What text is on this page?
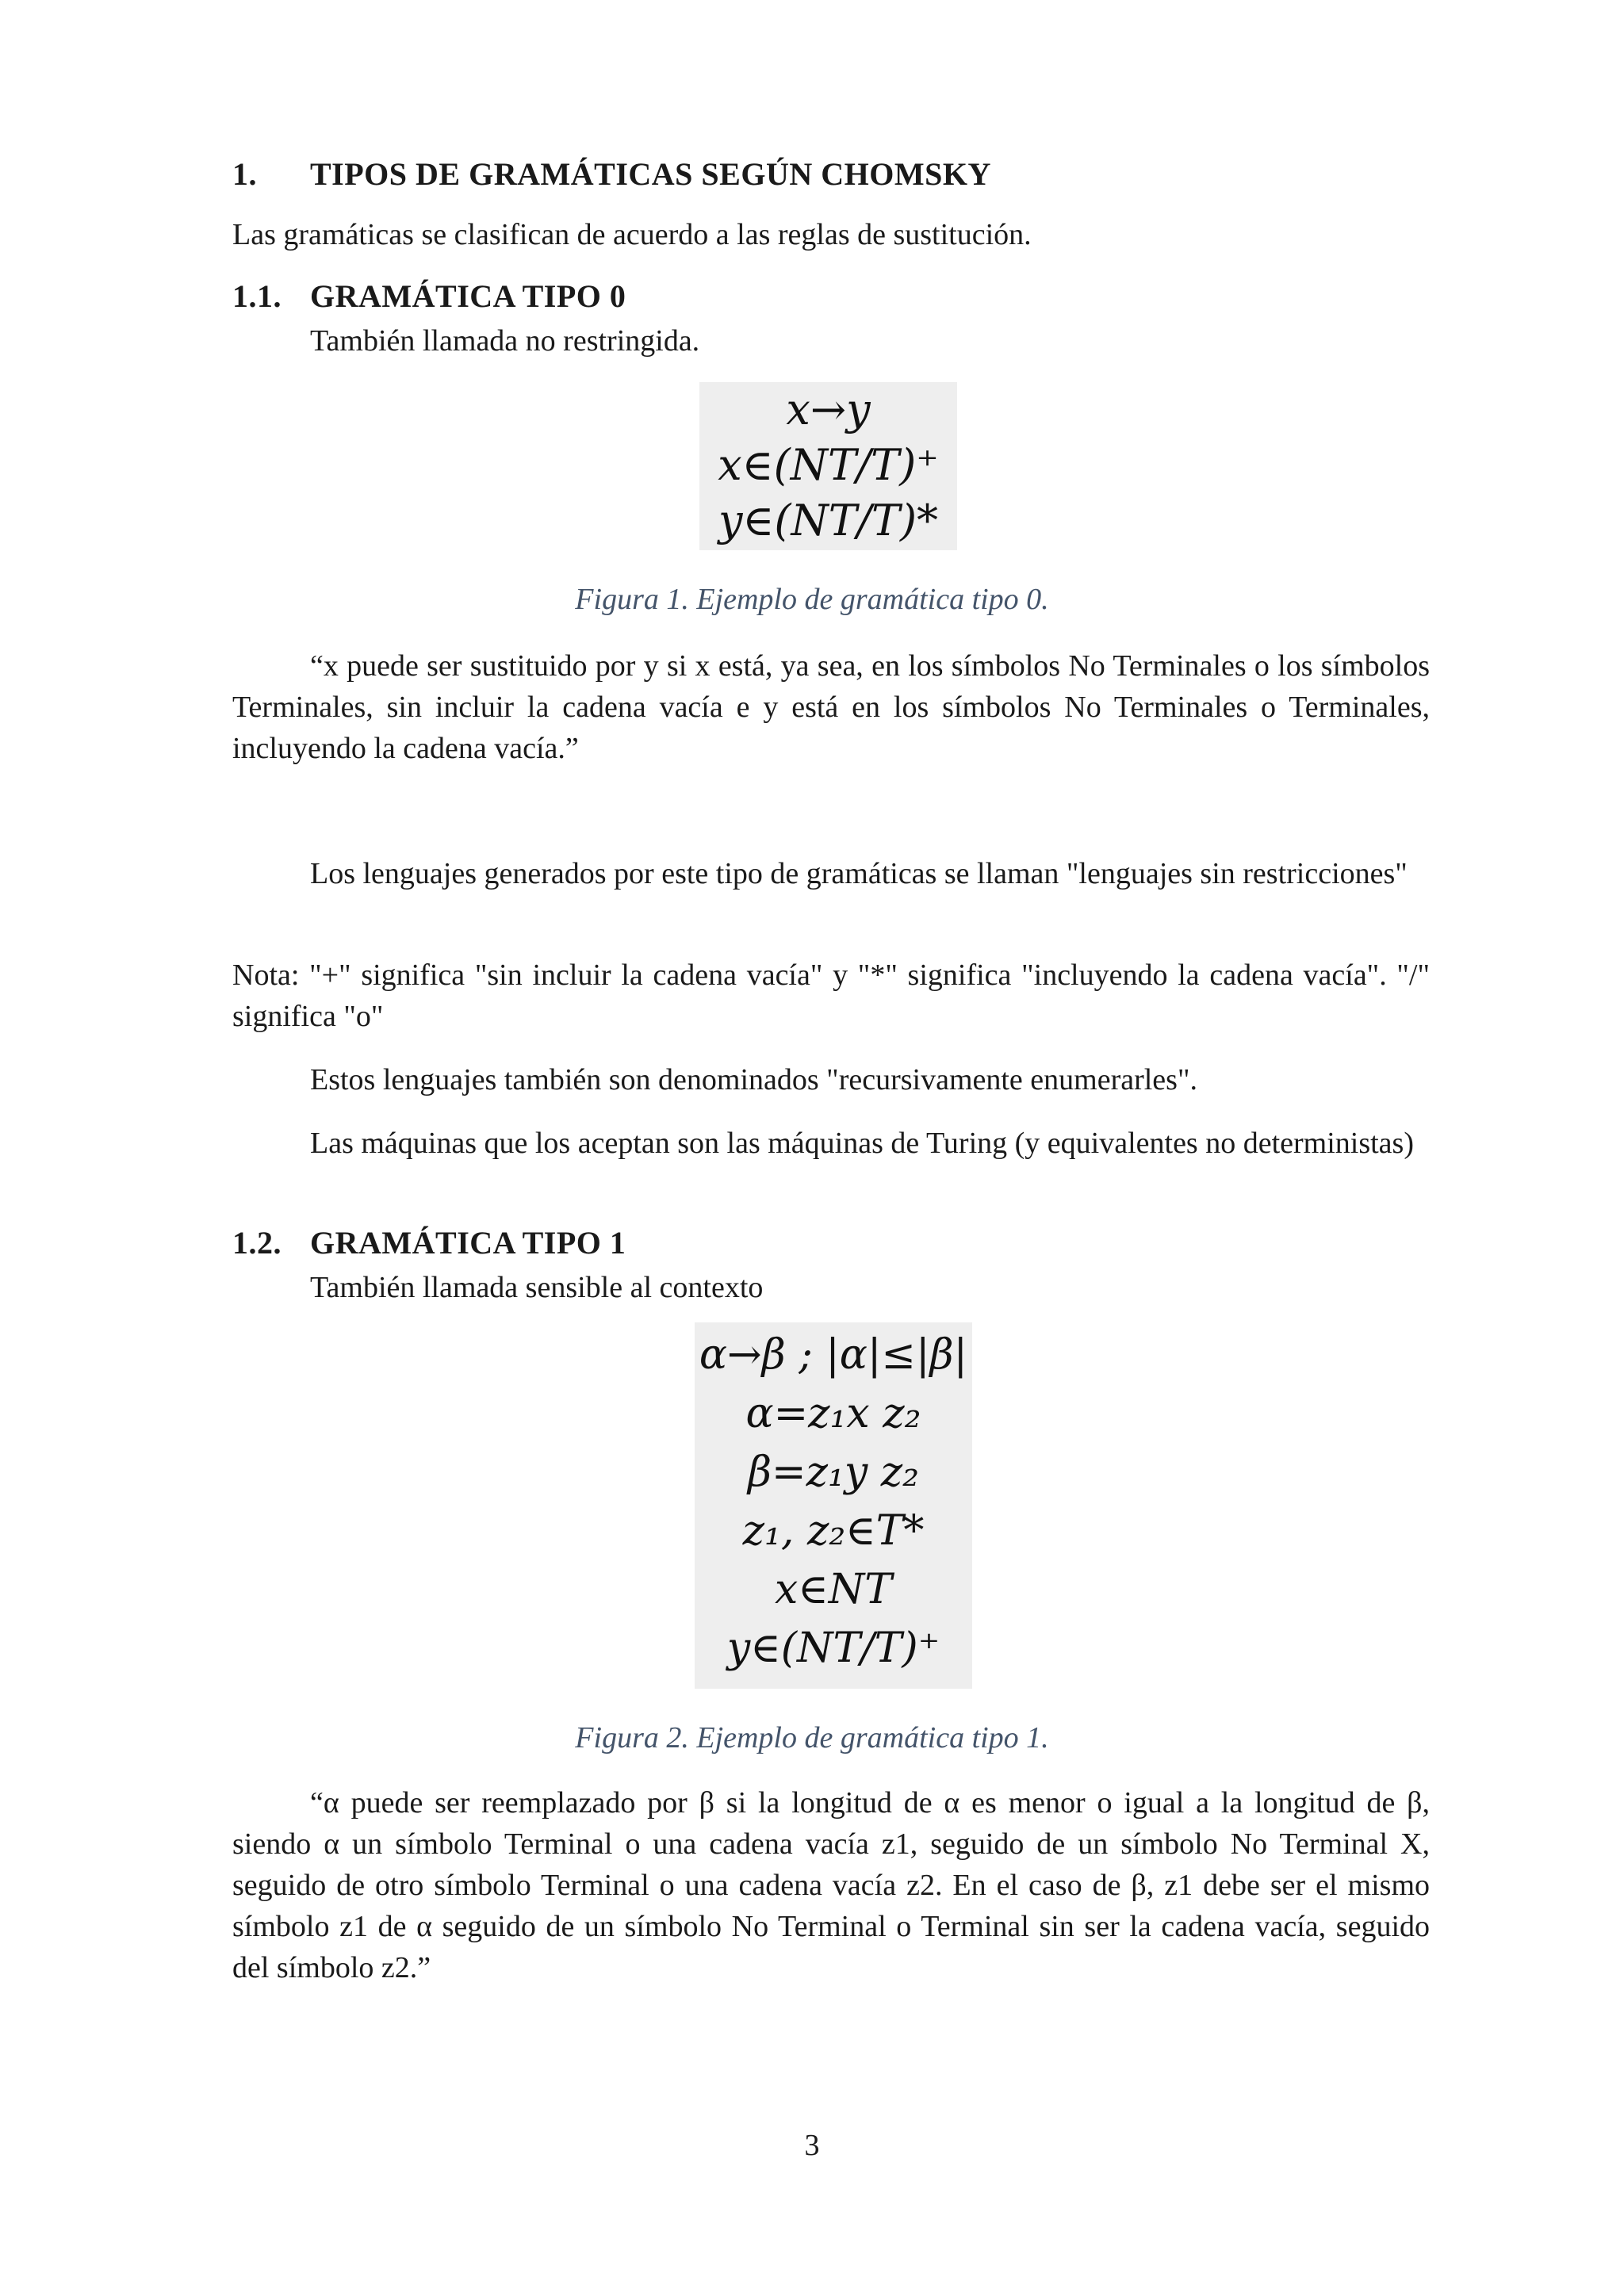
1. TIPOS DE GRAMÁTICAS SEGÚN CHOMSKY

Las gramáticas se clasifican de acuerdo a las reglas de sustitución.

1.1. GRAMÁTICA TIPO 0

También llamada no restringida.

x→y
x∈(NT/T)⁺
y∈(NT/T)*

Figura 1. Ejemplo de gramática tipo 0.

“x puede ser sustituido por y si x está, ya sea, en los símbolos No Terminales o los símbolos Terminales, sin incluir la cadena vacía e y está en los símbolos No Terminales o Terminales, incluyendo la cadena vacía.”

Los lenguajes generados por este tipo de gramáticas se llaman "lenguajes sin restricciones"

Nota: "+" significa "sin incluir la cadena vacía" y "*" significa "incluyendo la cadena vacía". "/" significa "o"

Estos lenguajes también son denominados "recursivamente enumerarles".

Las máquinas que los aceptan son las máquinas de Turing (y equivalentes no deterministas)

1.2. GRAMÁTICA TIPO 1

También llamada sensible al contexto

α→β ; |α|≤|β|
α=z₁x z₂
β=z₁y z₂
z₁, z₂∈T*
x∈NT
y∈(NT/T)⁺

Figura 2. Ejemplo de gramática tipo 1.

“α puede ser reemplazado por β si la longitud de α es menor o igual a la longitud de β, siendo α un símbolo Terminal o una cadena vacía z1, seguido de un símbolo No Terminal X, seguido de otro símbolo Terminal o una cadena vacía z2. En el caso de β, z1 debe ser el mismo símbolo z1 de α seguido de un símbolo No Terminal o Terminal sin ser la cadena vacía, seguido del símbolo z2.”

3
